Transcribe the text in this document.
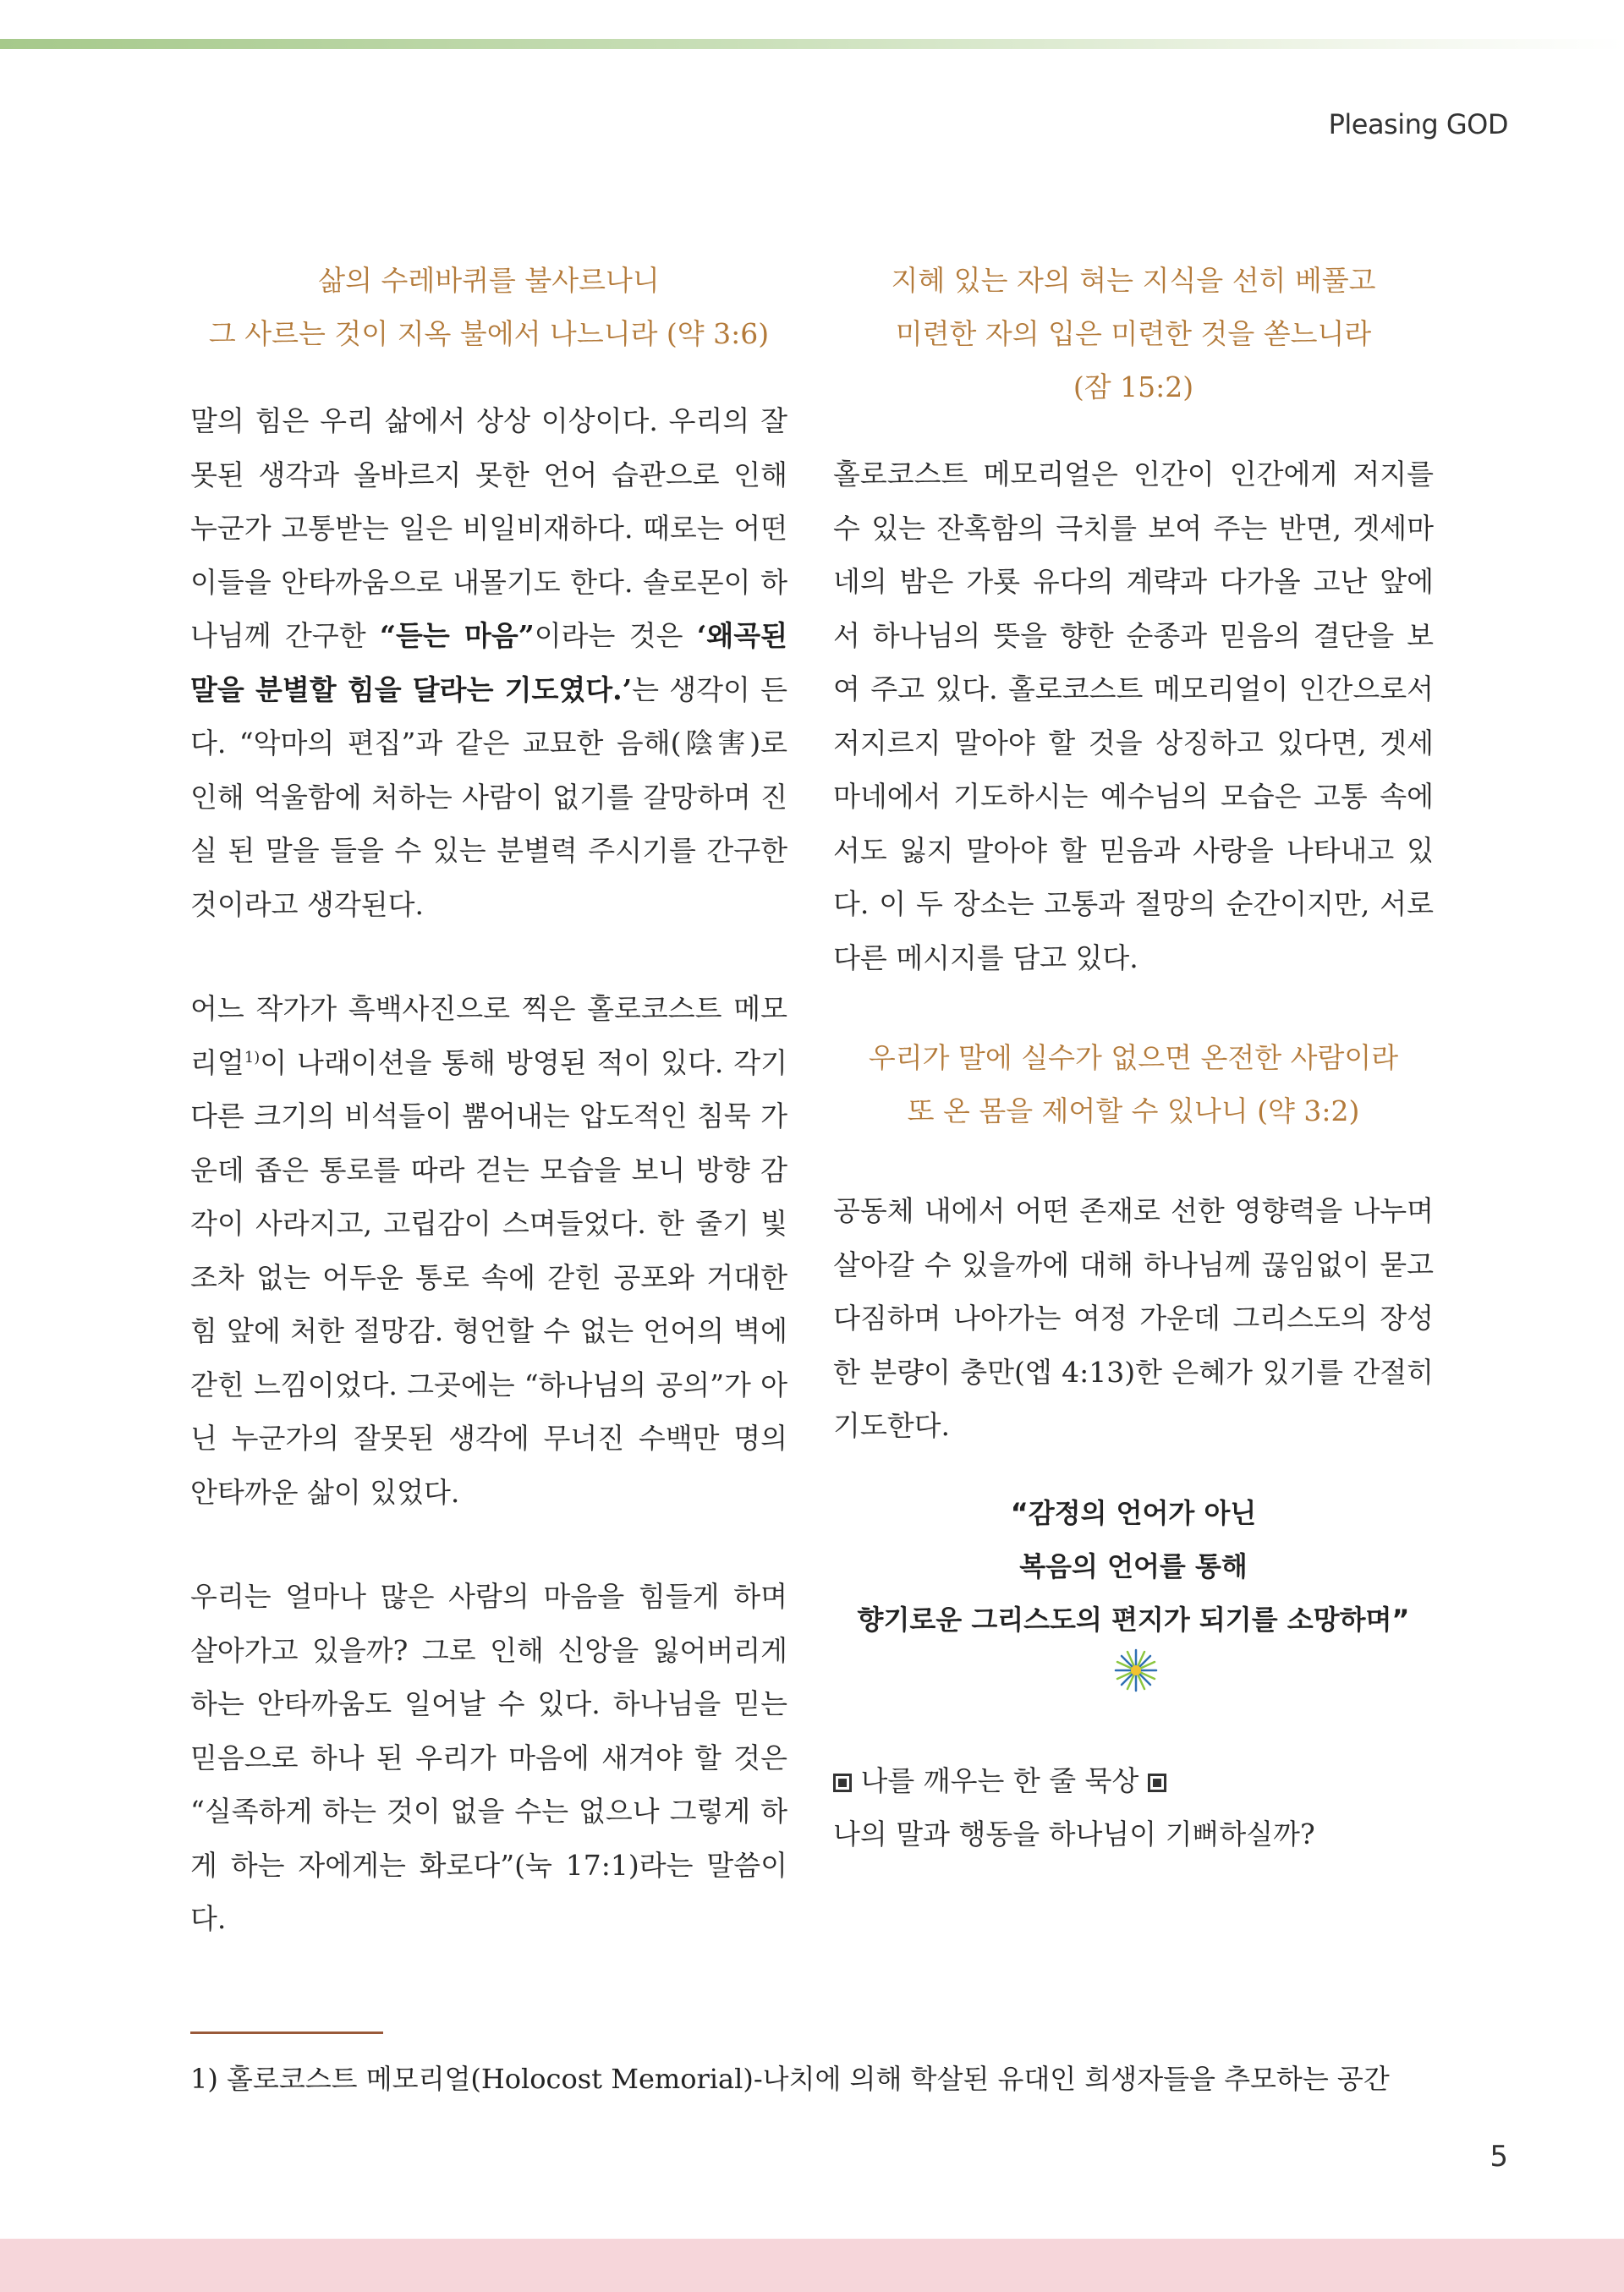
Pleasing GOD

삶의 수레바퀴를 불사르나니
그 사르는 것이 지옥 불에서 나느니라 (약 3:6)

말의 힘은 우리 삶에서 상상 이상이다. 우리의 잘못된 생각과 올바르지 못한 언어 습관으로 인해 누군가 고통받는 일은 비일비재하다. 때로는 어떤 이들을 안타까움으로 내몰기도 한다. 솔로몬이 하나님께 간구한 “듣는 마음”이라는 것은 ‘왜곡된 말을 분별할 힘을 달라는 기도였다.’는 생각이 든다. “악마의 편집”과 같은 교묘한 음해(陰害)로 인해 억울함에 처하는 사람이 없기를 갈망하며 진실 된 말을 들을 수 있는 분별력 주시기를 간구한 것이라고 생각된다.

어느 작가가 흑백사진으로 찍은 홀로코스트 메모리얼$^{1)}$이 나래이션을 통해 방영된 적이 있다. 각기 다른 크기의 비석들이 뿜어내는 압도적인 침묵 가운데 좁은 통로를 따라 걷는 모습을 보니 방향 감각이 사라지고, 고립감이 스며들었다. 한 줄기 빛조차 없는 어두운 통로 속에 갇힌 공포와 거대한 힘 앞에 처한 절망감. 형언할 수 없는 언어의 벽에 갇힌 느낌이었다. 그곳에는 “하나님의 공의”가 아닌 누군가의 잘못된 생각에 무너진 수백만 명의 안타까운 삶이 있었다.

우리는 얼마나 많은 사람의 마음을 힘들게 하며 살아가고 있을까? 그로 인해 신앙을 잃어버리게 하는 안타까움도 일어날 수 있다. 하나님을 믿는 믿음으로 하나 된 우리가 마음에 새겨야 할 것은 “실족하게 하는 것이 없을 수는 없으나 그렇게 하게 하는 자에게는 화로다”(눅 17:1)라는 말씀이다.

지혜 있는 자의 혀는 지식을 선히 베풀고
미련한 자의 입은 미련한 것을 쏟느니라
(잠 15:2)

홀로코스트 메모리얼은 인간이 인간에게 저지를 수 있는 잔혹함의 극치를 보여 주는 반면, 겟세마네의 밤은 가룟 유다의 계략과 다가올 고난 앞에서 하나님의 뜻을 향한 순종과 믿음의 결단을 보여 주고 있다. 홀로코스트 메모리얼이 인간으로서 저지르지 말아야 할 것을 상징하고 있다면, 겟세마네에서 기도하시는 예수님의 모습은 고통 속에서도 잃지 말아야 할 믿음과 사랑을 나타내고 있다. 이 두 장소는 고통과 절망의 순간이지만, 서로 다른 메시지를 담고 있다.

우리가 말에 실수가 없으면 온전한 사람이라
또 온 몸을 제어할 수 있나니 (약 3:2)

공동체 내에서 어떤 존재로 선한 영향력을 나누며 살아갈 수 있을까에 대해 하나님께 끊임없이 묻고 다짐하며 나아가는 여정 가운데 그리스도의 장성한 분량이 충만(엡 4:13)한 은혜가 있기를 간절히 기도한다.

“감정의 언어가 아닌
복음의 언어를 통해
향기로운 그리스도의 편지가 되기를 소망하며”

나를 깨우는 한 줄 묵상
나의 말과 행동을 하나님이 기뻐하실까?

1) 홀로코스트 메모리얼(Holocost Memorial)-나치에 의해 학살된 유대인 희생자들을 추모하는 공간
5
